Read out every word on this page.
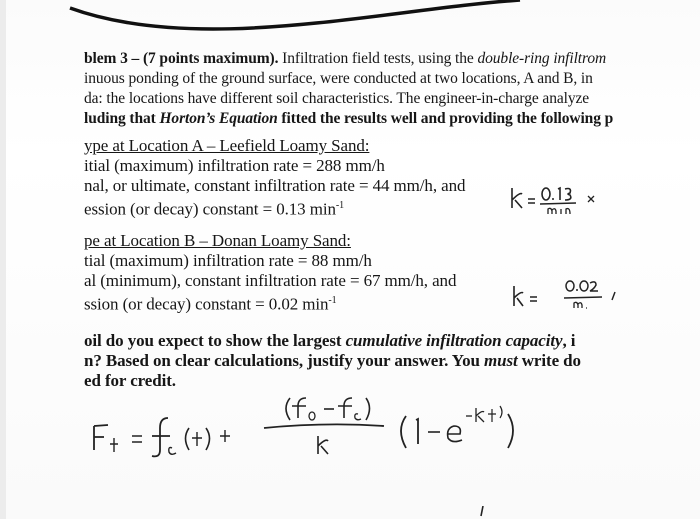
blem 3 – (7 points maximum). Infiltration field tests, using the double-ring infiltrom
inuous ponding of the ground surface, were conducted at two locations, A and B, in
da: the locations have different soil characteristics. The engineer-in-charge analyze
luding that Horton’s Equation fitted the results well and providing the following p
ype at Location A – Leefield Loamy Sand:
itial (maximum) infiltration rate = 288 mm/h
nal, or ultimate, constant infiltration rate = 44 mm/h, and
ession (or decay) constant = 0.13 $\min^{-1}$
pe at Location B – Donan Loamy Sand:
tial (maximum) infiltration rate = 88 mm/h
al (minimum), constant infiltration rate = 67 mm/h, and
ssion (or decay) constant = 0.02 $\min^{-1}$
oil do you expect to show the largest cumulative infiltration capacity, i
n? Based on clear calculations, justify your answer. You must write do
ed for credit.
